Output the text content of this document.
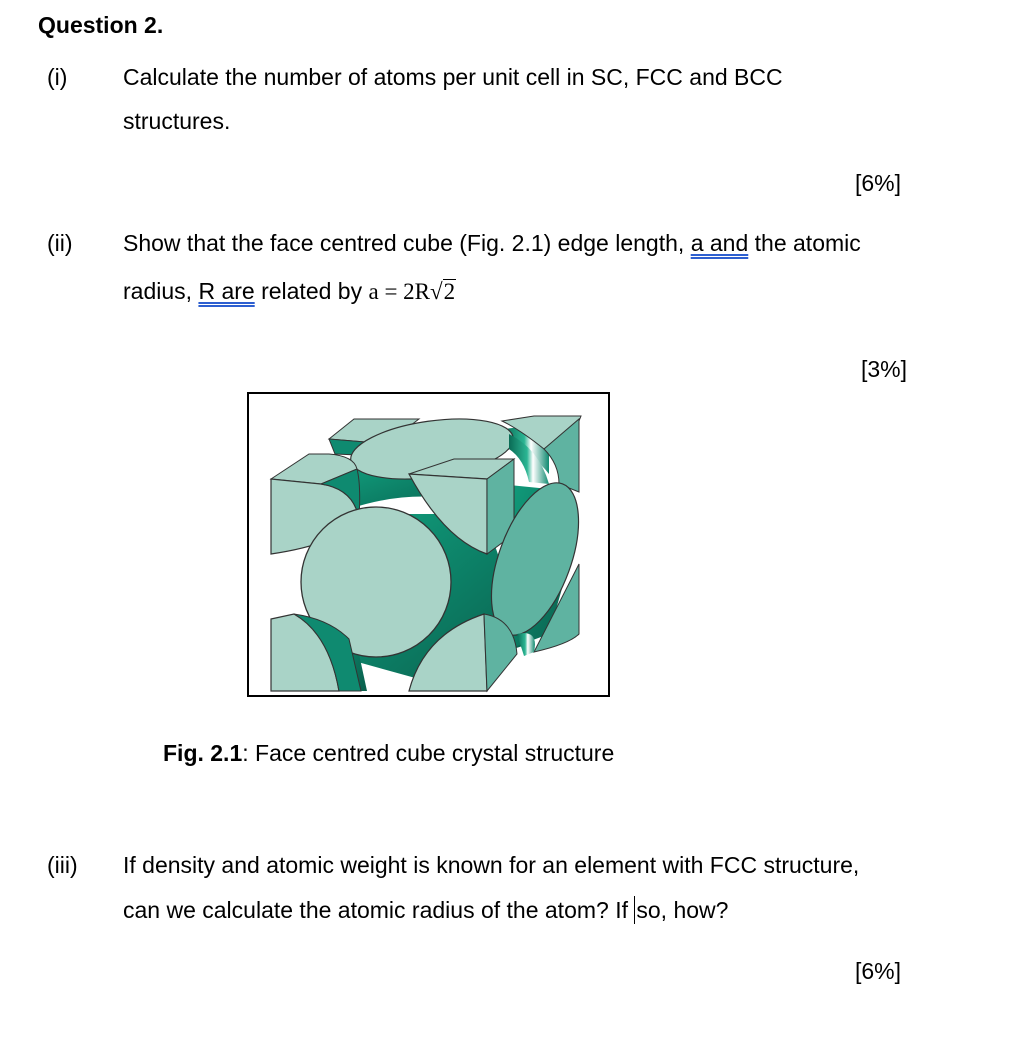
Question 2.
(i) Calculate the number of atoms per unit cell in SC, FCC and BCC
structures.
[6%]
(ii) Show that the face centred cube (Fig. 2.1) edge length, a and the atomic
radius, R are related by a = 2R√2
[3%]
Fig. 2.1: Face centred cube crystal structure
(iii) If density and atomic weight is known for an element with FCC structure,
can we calculate the atomic radius of the atom? If so, how?
[6%]
